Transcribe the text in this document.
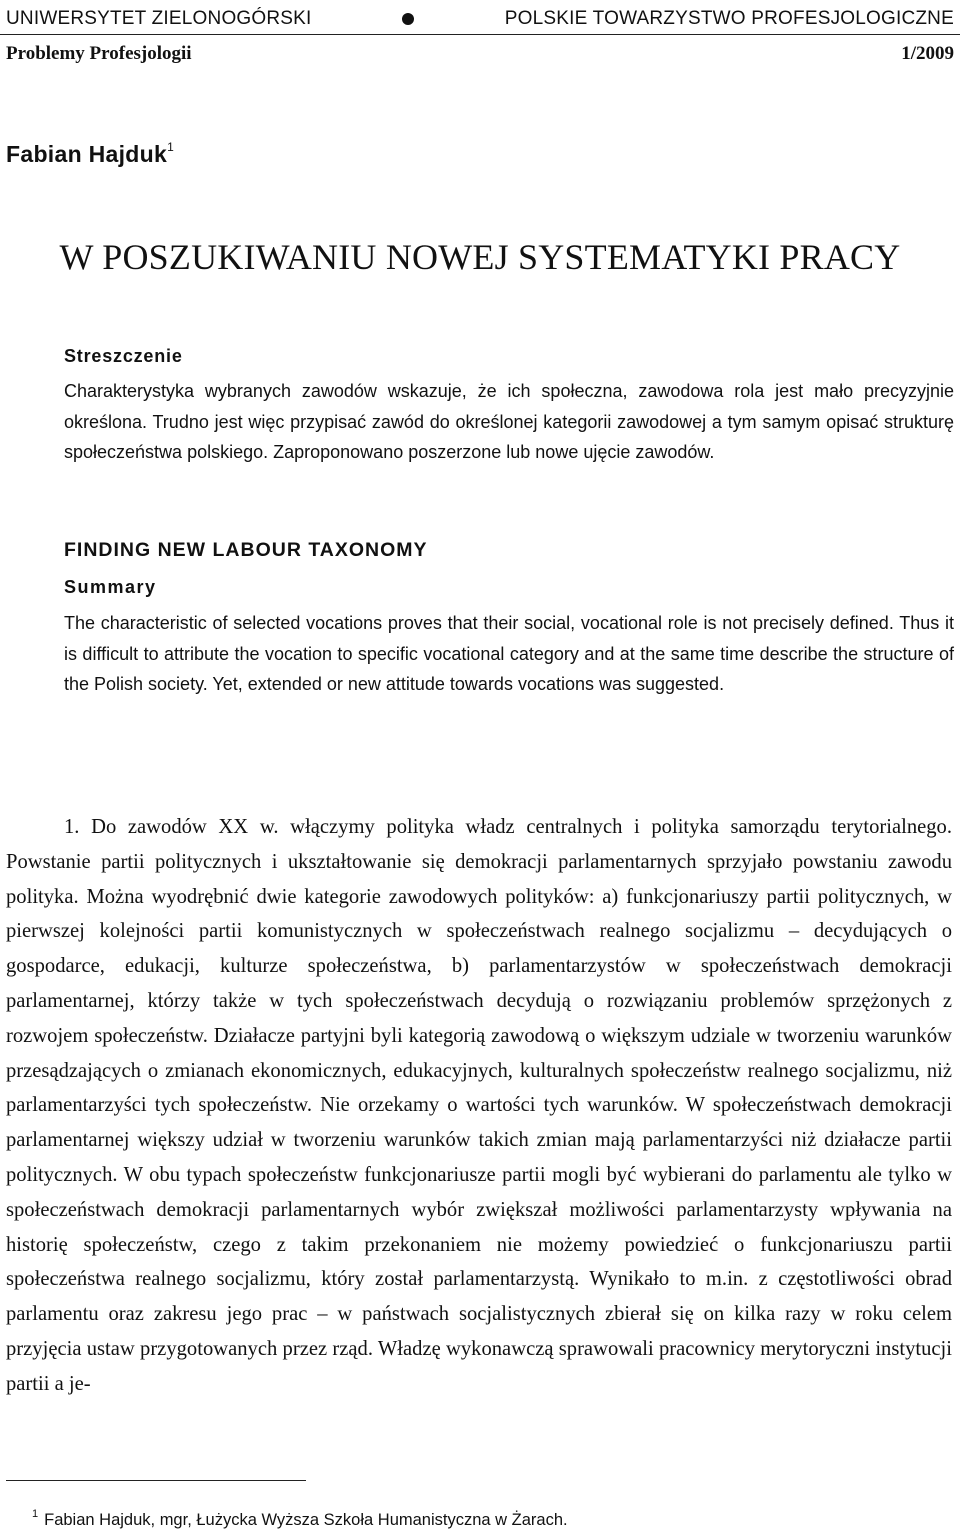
UNIWERSYTET ZIELONOGÓRSKI	POLSKIE TOWARZYSTWO PROFESJOLOGICZNE
Problemy Profesjologii	1/2009
Fabian Hajduk$^1$
W POSZUKIWANIU NOWEJ SYSTEMATYKI PRACY
Streszczenie

Charakterystyka wybranych zawodów wskazuje, że ich społeczna, zawodowa rola jest mało precyzyjnie określona. Trudno jest więc przypisać zawód do określonej kategorii zawodowej a tym samym opisać strukturę społeczeństwa polskiego. Zaproponowano poszerzone lub nowe ujęcie zawodów.

FINDING NEW LABOUR TAXONOMY
Summary

The characteristic of selected vocations proves that their social, vocational role is not precisely defined. Thus it is difficult to attribute the vocation to specific vocational category and at the same time describe the structure of the Polish society. Yet, extended or new attitude towards vocations was suggested.

1. Do zawodów XX w. włączymy polityka władz centralnych i polityka samorządu terytorialnego. Powstanie partii politycznych i ukształtowanie się demokracji parlamentarnych sprzyjało powstaniu zawodu polityka. Można wyodrębnić dwie kategorie zawodowych polityków: a) funkcjonariuszy partii politycznych, w pierwszej kolejności partii komunistycznych w społeczeństwach realnego socjalizmu – decydujących o gospodarce, edukacji, kulturze społeczeństwa, b) parlamentarzystów w społeczeństwach demokracji parlamentarnej, którzy także w tych społeczeństwach decydują o rozwiązaniu problemów sprzężonych z rozwojem społeczeństw. Działacze partyjni byli kategorią zawodową o większym udziale w tworzeniu warunków przesądzających o zmianach ekonomicznych, edukacyjnych, kulturalnych społeczeństw realnego socjalizmu, niż parlamentarzyści tych społeczeństw. Nie orzekamy o wartości tych warunków. W społeczeństwach demokracji parlamentarnej większy udział w tworzeniu warunków takich zmian mają parlamentarzyści niż działacze partii politycznych. W obu typach społeczeństw funkcjonariusze partii mogli być wybierani do parlamentu ale tylko w społeczeństwach demokracji parlamentarnych wybór zwiększał możliwości parlamentarzysty wpływania na historię społeczeństw, czego z takim przekonaniem nie możemy powiedzieć o funkcjonariuszu partii społeczeństwa realnego socjalizmu, który został parlamentarzystą. Wynikało to m.in. z częstotliwości obrad parlamentu oraz zakresu jego prac – w państwach socjalistycznych zbierał się on kilka razy w roku celem przyjęcia ustaw przygotowanych przez rząd. Władzę wykonawczą sprawowali pracownicy merytoryczni instytucji partii a je-

$^1$ Fabian Hajduk, mgr, Łużycka Wyższa Szkoła Humanistyczna w Żarach.
